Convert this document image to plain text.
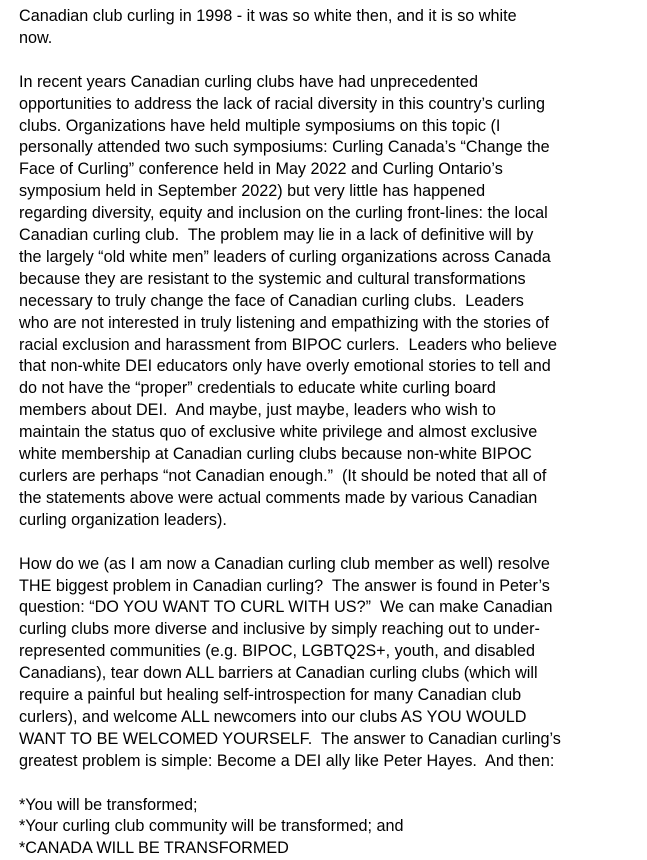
Canadian club curling in 1998 - it was so white then, and it is so white
now.

In recent years Canadian curling clubs have had unprecedented
opportunities to address the lack of racial diversity in this country’s curling
clubs. Organizations have held multiple symposiums on this topic (I
personally attended two such symposiums: Curling Canada’s “Change the
Face of Curling” conference held in May 2022 and Curling Ontario’s
symposium held in September 2022) but very little has happened
regarding diversity, equity and inclusion on the curling front-lines: the local
Canadian curling club.  The problem may lie in a lack of definitive will by
the largely “old white men” leaders of curling organizations across Canada
because they are resistant to the systemic and cultural transformations
necessary to truly change the face of Canadian curling clubs.  Leaders
who are not interested in truly listening and empathizing with the stories of
racial exclusion and harassment from BIPOC curlers.  Leaders who believe
that non-white DEI educators only have overly emotional stories to tell and
do not have the “proper” credentials to educate white curling board
members about DEI.  And maybe, just maybe, leaders who wish to
maintain the status quo of exclusive white privilege and almost exclusive
white membership at Canadian curling clubs because non-white BIPOC
curlers are perhaps “not Canadian enough.”  (It should be noted that all of
the statements above were actual comments made by various Canadian
curling organization leaders).

How do we (as I am now a Canadian curling club member as well) resolve
THE biggest problem in Canadian curling?  The answer is found in Peter’s
question: “DO YOU WANT TO CURL WITH US?”  We can make Canadian
curling clubs more diverse and inclusive by simply reaching out to under-
represented communities (e.g. BIPOC, LGBTQ2S+, youth, and disabled
Canadians), tear down ALL barriers at Canadian curling clubs (which will
require a painful but healing self-introspection for many Canadian club
curlers), and welcome ALL newcomers into our clubs AS YOU WOULD
WANT TO BE WELCOMED YOURSELF.  The answer to Canadian curling’s
greatest problem is simple: Become a DEI ally like Peter Hayes.  And then:

*You will be transformed;
*Your curling club community will be transformed; and
*CANADA WILL BE TRANSFORMED
